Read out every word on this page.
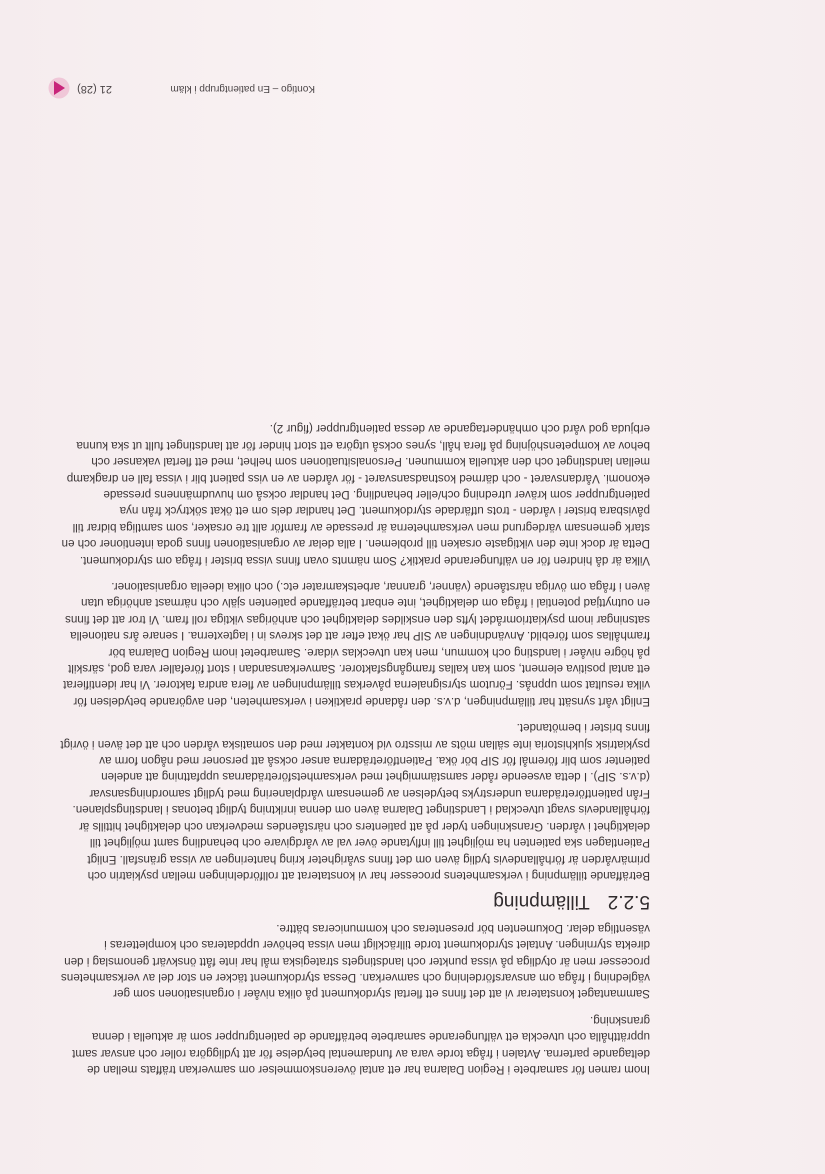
Inom ramen för samarbete i Region Dalarna har ett antal överenskommelser om samverkan träffats mellan de deltagande parterna. Avtalen i fråga torde vara av fundamental betydelse för att tydliggöra roller och ansvar samt upprätthålla och utveckla ett välfungerande samarbete beträffande de patientgrupper som är aktuella i denna granskning.

Sammantaget konstaterar vi att det finns ett flertal styrdokument på olika nivåer i organisationen som ger vägledning i fråga om ansvarsfördelning och samverkan. Dessa styrdokument täcker en stor del av verksamhetens processer men är otydliga på vissa punkter och landstingets strategiska mål har inte fått önskvärt genomslag i den direkta styrningen. Antalet styrdokument torde tillräckligt men vissa behöver uppdateras och kompletteras i väsentliga delar. Dokumenten bör presenteras och kommuniceras bättre.

5.2.2Tillämpning

Beträffande tillämpning i verksamhetens processer har vi konstaterat att rollfördelningen mellan psykiatrin och primärvården är förhållandevis tydlig även om det finns svårigheter kring hanteringen av vissa gränsfall. Enligt Patientlagen ska patienten ha möjlighet till inflytande över val av vårdgivare och behandling samt möjlighet till delaktighet i vården. Granskningen tyder på att patienters och närståendes medverkan och delaktighet hittills är förhållandevis svagt utvecklad i Landstinget Dalarna även om denna inriktning tydligt betonas i landstingsplanen. Från patientföreträdarna understryks betydelsen av gemensam vårdplanering med tydligt samordningsansvar (d.v.s. SIP). I detta avseende råder samstämmighet med verksamhetsföreträdarnas uppfattning att andelen patienter som blir föremål för SIP bör öka. Patientföreträdarna anser också att personer med någon form av psykiatrisk sjukhistoria inte sällan möts av misstro vid kontakter med den somatiska vården och att det även i övrigt finns brister i bemötandet.

Enligt vårt synsätt har tillämpningen, d.v.s. den rådande praktiken i verksamheten, den avgörande betydelsen för vilka resultat som uppnås. Förutom styrsignalerna påverkas tillämpningen av flera andra faktorer. Vi har identifierat ett antal positiva element, som kan kallas framgångsfaktorer. Samverkansandan i stort förefaller vara god, särskilt på högre nivåer i landsting och kommun, men kan utvecklas vidare. Samarbetet inom Region Dalarna bör framhållas som förebild. Användningen av SIP har ökat efter att det skrevs in i lagtexterna. I senare års nationella satsningar inom psykiatriområdet lyfts den enskildes delaktighet och anhörigas viktiga roll fram. Vi tror att det finns en outnyttjad potential i fråga om delaktighet, inte enbart beträffande patienten själv och närmast anhöriga utan även i fråga om övriga närstående (vänner, grannar, arbetskamrater etc.) och olika ideella organisationer.

Vilka är då hindren för en välfungerande praktik? Som nämnts ovan finns vissa brister i fråga om styrdokument. Detta är dock inte den viktigaste orsaken till problemen. I alla delar av organisationen finns goda intentioner och en stark gemensam värdegrund men verksamheterna är pressade av framför allt tre orsaker, som samtliga bidrar till påvisbara brister i vården - trots utfärdade styrdokument. Det handlar dels om ett ökat söktryck från nya patientgrupper som kräver utredning och/eller behandling. Det handlar också om huvudmännens pressade ekonomi. Vårdansvaret - och därmed kostnadsansvaret - för vården av en viss patient blir i vissa fall en dragkamp mellan landstinget och den aktuella kommunen. Personalsituationen som helhet, med ett flertal vakanser och behov av kompetenshöjning på flera håll, synes också utgöra ett stort hinder för att landstinget fullt ut ska kunna erbjuda god vård och omhändertagande av dessa patientgrupper (figur 2).

Kontigo – En patientgrupp i kläm
21 (28)
